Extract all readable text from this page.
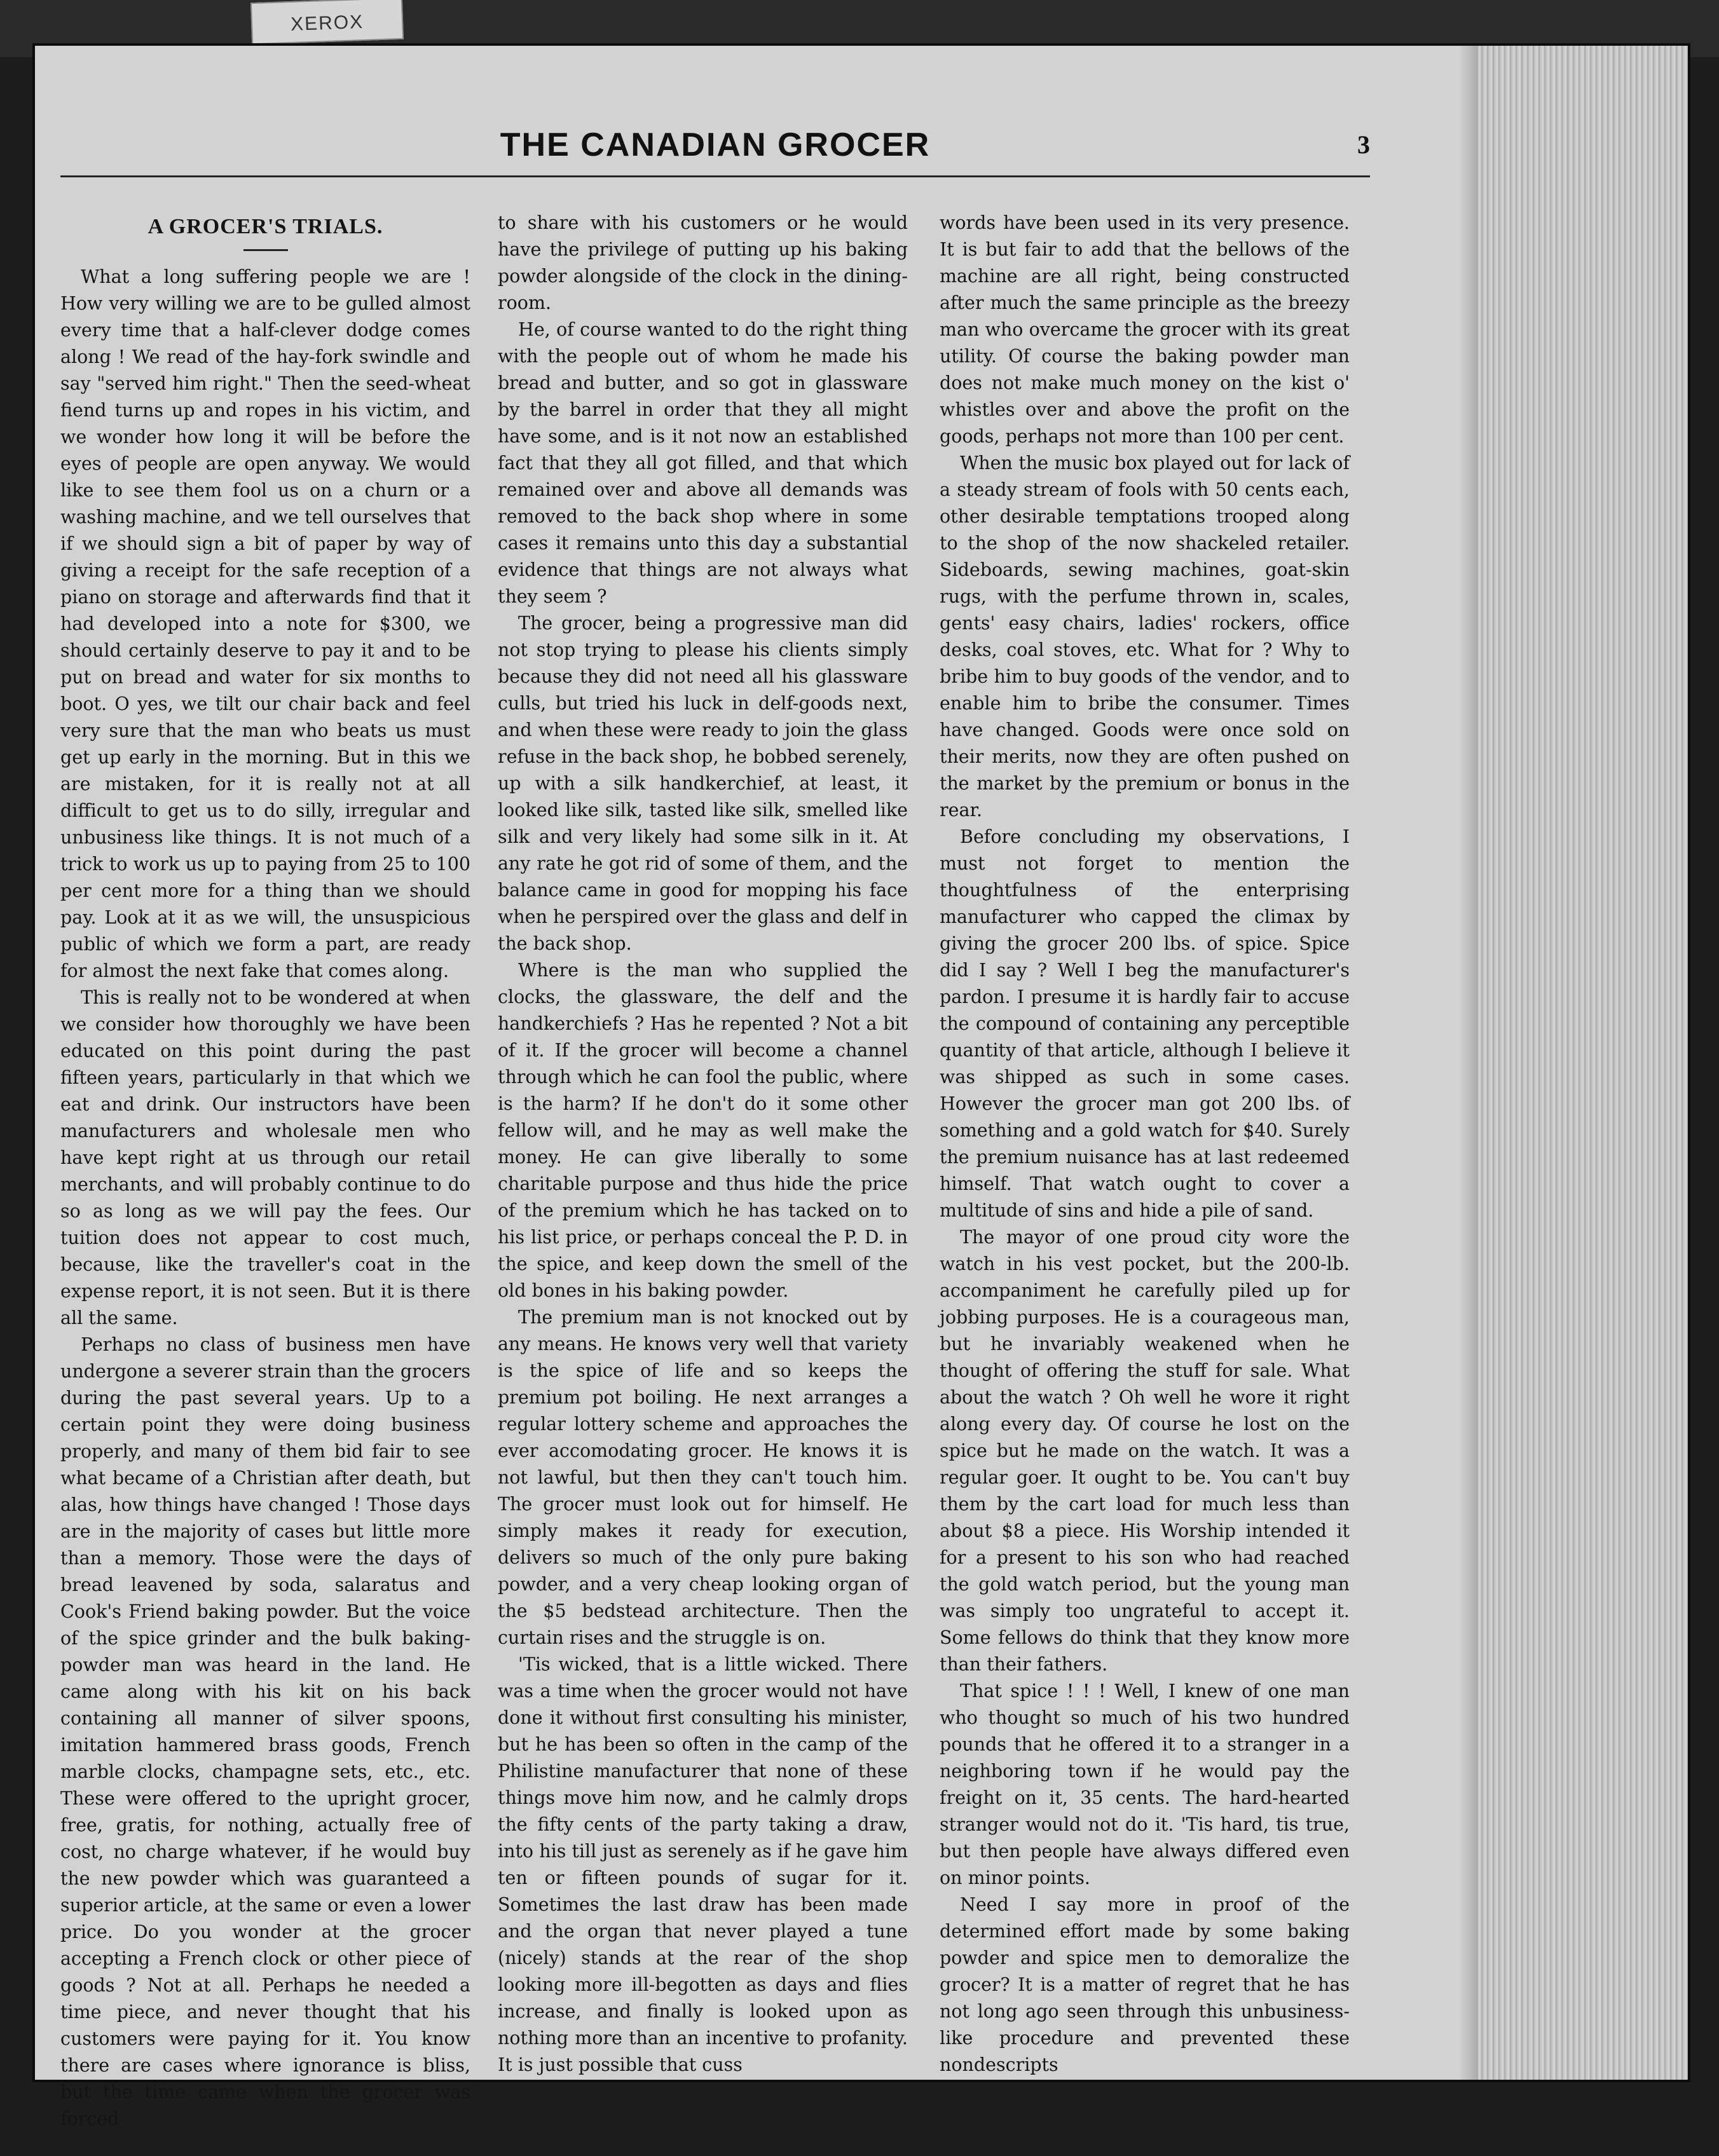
XEROX
THE CANADIAN GROCER	3
A GROCER'S TRIALS.

What a long suffering people we are ! How very willing we are to be gulled almost every time that a half-clever dodge comes along ! We read of the hay-fork swindle and say "served him right." Then the seed-wheat fiend turns up and ropes in his victim, and we wonder how long it will be before the eyes of people are open anyway. We would like to see them fool us on a churn or a washing machine, and we tell ourselves that if we should sign a bit of paper by way of giving a receipt for the safe reception of a piano on storage and afterwards find that it had developed into a note for $300, we should certainly deserve to pay it and to be put on bread and water for six months to boot. O yes, we tilt our chair back and feel very sure that the man who beats us must get up early in the morning. But in this we are mistaken, for it is really not at all difficult to get us to do silly, irregular and unbusiness like things. It is not much of a trick to work us up to paying from 25 to 100 per cent more for a thing than we should pay. Look at it as we will, the unsuspicious public of which we form a part, are ready for almost the next fake that comes along.

This is really not to be wondered at when we consider how thoroughly we have been educated on this point during the past fifteen years, particularly in that which we eat and drink. Our instructors have been manufacturers and wholesale men who have kept right at us through our retail merchants, and will probably continue to do so as long as we will pay the fees. Our tuition does not appear to cost much, because, like the traveller's coat in the expense report, it is not seen. But it is there all the same.

Perhaps no class of business men have undergone a severer strain than the grocers during the past several years. Up to a certain point they were doing business properly, and many of them bid fair to see what became of a Christian after death, but alas, how things have changed ! Those days are in the majority of cases but little more than a memory. Those were the days of bread leavened by soda, salaratus and Cook's Friend baking powder. But the voice of the spice grinder and the bulk baking-powder man was heard in the land. He came along with his kit on his back containing all manner of silver spoons, imitation hammered brass goods, French marble clocks, champagne sets, etc., etc. These were offered to the upright grocer, free, gratis, for nothing, actually free of cost, no charge whatever, if he would buy the new powder which was guaranteed a superior article, at the same or even a lower price. Do you wonder at the grocer accepting a French clock or other piece of goods ? Not at all. Perhaps he needed a time piece, and never thought that his customers were paying for it. You know there are cases where ignorance is bliss, but the time came when the grocer was forced

to share with his customers or he would have the privilege of putting up his baking powder alongside of the clock in the dining-room.

He, of course wanted to do the right thing with the people out of whom he made his bread and butter, and so got in glassware by the barrel in order that they all might have some, and is it not now an established fact that they all got filled, and that which remained over and above all demands was removed to the back shop where in some cases it remains unto this day a substantial evidence that things are not always what they seem ?

The grocer, being a progressive man did not stop trying to please his clients simply because they did not need all his glassware culls, but tried his luck in delf-goods next, and when these were ready to join the glass refuse in the back shop, he bobbed serenely, up with a silk handkerchief, at least, it looked like silk, tasted like silk, smelled like silk and very likely had some silk in it. At any rate he got rid of some of them, and the balance came in good for mopping his face when he perspired over the glass and delf in the back shop.

Where is the man who supplied the clocks, the glassware, the delf and the handkerchiefs ? Has he repented ? Not a bit of it. If the grocer will become a channel through which he can fool the public, where is the harm? If he don't do it some other fellow will, and he may as well make the money. He can give liberally to some charitable purpose and thus hide the price of the premium which he has tacked on to his list price, or perhaps conceal the P. D. in the spice, and keep down the smell of the old bones in his baking powder.

The premium man is not knocked out by any means. He knows very well that variety is the spice of life and so keeps the premium pot boiling. He next arranges a regular lottery scheme and approaches the ever accomodating grocer. He knows it is not lawful, but then they can't touch him. The grocer must look out for himself. He simply makes it ready for execution, delivers so much of the only pure baking powder, and a very cheap looking organ of the $5 bedstead architecture. Then the curtain rises and the struggle is on.

'Tis wicked, that is a little wicked. There was a time when the grocer would not have done it without first consulting his minister, but he has been so often in the camp of the Philistine manufacturer that none of these things move him now, and he calmly drops the fifty cents of the party taking a draw, into his till just as serenely as if he gave him ten or fifteen pounds of sugar for it. Sometimes the last draw has been made and the organ that never played a tune (nicely) stands at the rear of the shop looking more ill-begotten as days and flies increase, and finally is looked upon as nothing more than an incentive to profanity. It is just possible that cuss

words have been used in its very presence. It is but fair to add that the bellows of the machine are all right, being constructed after much the same principle as the breezy man who overcame the grocer with its great utility. Of course the baking powder man does not make much money on the kist o' whistles over and above the profit on the goods, perhaps not more than 100 per cent.

When the music box played out for lack of a steady stream of fools with 50 cents each, other desirable temptations trooped along to the shop of the now shackeled retailer. Sideboards, sewing machines, goat-skin rugs, with the perfume thrown in, scales, gents' easy chairs, ladies' rockers, office desks, coal stoves, etc. What for ? Why to bribe him to buy goods of the vendor, and to enable him to bribe the consumer. Times have changed. Goods were once sold on their merits, now they are often pushed on the market by the premium or bonus in the rear.

Before concluding my observations, I must not forget to mention the thoughtfulness of the enterprising manufacturer who capped the climax by giving the grocer 200 lbs. of spice. Spice did I say ? Well I beg the manufacturer's pardon. I presume it is hardly fair to accuse the compound of containing any perceptible quantity of that article, although I believe it was shipped as such in some cases. However the grocer man got 200 lbs. of something and a gold watch for $40. Surely the premium nuisance has at last redeemed himself. That watch ought to cover a multitude of sins and hide a pile of sand.

The mayor of one proud city wore the watch in his vest pocket, but the 200-lb. accompaniment he carefully piled up for jobbing purposes. He is a courageous man, but he invariably weakened when he thought of offering the stuff for sale. What about the watch ? Oh well he wore it right along every day. Of course he lost on the spice but he made on the watch. It was a regular goer. It ought to be. You can't buy them by the cart load for much less than about $8 a piece. His Worship intended it for a present to his son who had reached the gold watch period, but the young man was simply too ungrateful to accept it. Some fellows do think that they know more than their fathers.

That spice ! ! ! Well, I knew of one man who thought so much of his two hundred pounds that he offered it to a stranger in a neighboring town if he would pay the freight on it, 35 cents. The hard-hearted stranger would not do it. 'Tis hard, tis true, but then people have always differed even on minor points.

Need I say more in proof of the determined effort made by some baking powder and spice men to demoralize the grocer? It is a matter of regret that he has not long ago seen through this unbusiness-like procedure and prevented these nondescripts
